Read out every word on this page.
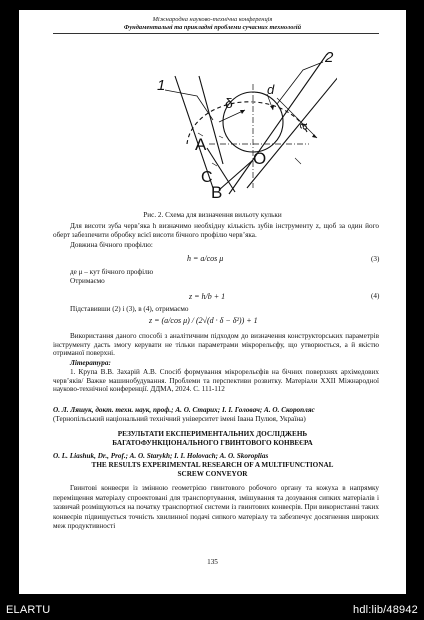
Міжнародна науково-технічна конференція
Фундаментальні та прикладні проблеми сучасних технологій
1
2
δ
d
a
A
O
C
B
Рис. 2. Схема для визначення вильоту кульки
Для висоти зуба черв’яка h визначимо необхідну кількість зубів інструменту z, щоб за один його оберт забезпечити обробку всієї висоти бічного профілю черв’яка.
Довжина бічного профілю:
h = a/cos μ	(3)
де μ – кут бічного профілю
Отримаємо
z = h/b + 1	(4)
Підставивши (2) і (3), в (4), отримаємо
z = (a/cos μ) / (2√(d · δ − δ²)) + 1
Використання даного способі з аналітичним підходом до визначення конструкторських параметрів інструменту дасть змогу керувати не тільки параметрами мікрорельєфу, що утворюється, а й якістю отриманої поверхні.
Література:
1. Крупа В.В. Захарій А.В. Спосіб формування мікрорельєфів на бічних поверхнях архімедових черв’яків/ Важке машинобудування. Проблеми та перспективи розвитку. Матеріали ХХІІ Міжнародної науково-технічної конференції. ДДМА, 2024. С. 111-112
О. Л. Ляшук, докт. техн. наук, проф.; А. О. Старих; І. І. Головач; А. О. Скоропляс
(Тернопільський національний технічний університет імені Івана Пулюя, Україна)
РЕЗУЛЬТАТИ ЕКСПЕРИМЕНТАЛЬНИХ ДОСЛІДЖЕНЬ БАГАТОФУНКЦІОНАЛЬНОГО ГВИНТОВОГО КОНВЕЄРА
O. L. Liashuk, Dr., Prof.; A. O. Starykh; I. I. Holovach; A. O. Skoroplias
THE RESULTS EXPERIMENTAL RESEARCH OF A MULTIFUNCTIONAL SCREW CONVEYOR
Гвинтові конвеєри із змінною геометрією гвинтового робочого органу та кожуха в напрямку переміщення матеріалу спроектовані для транспортування, змішування та дозування сипких матеріалів і зазвичай розміщуються на початку транспортної системи із гвинтових конвеєрів. При використанні таких конвеєрів підвищується точність хвилинної подачі сипкого матеріалу та забезпечує досягнення широких меж продуктивності
135
ELARTU	hdl:lib/48942
